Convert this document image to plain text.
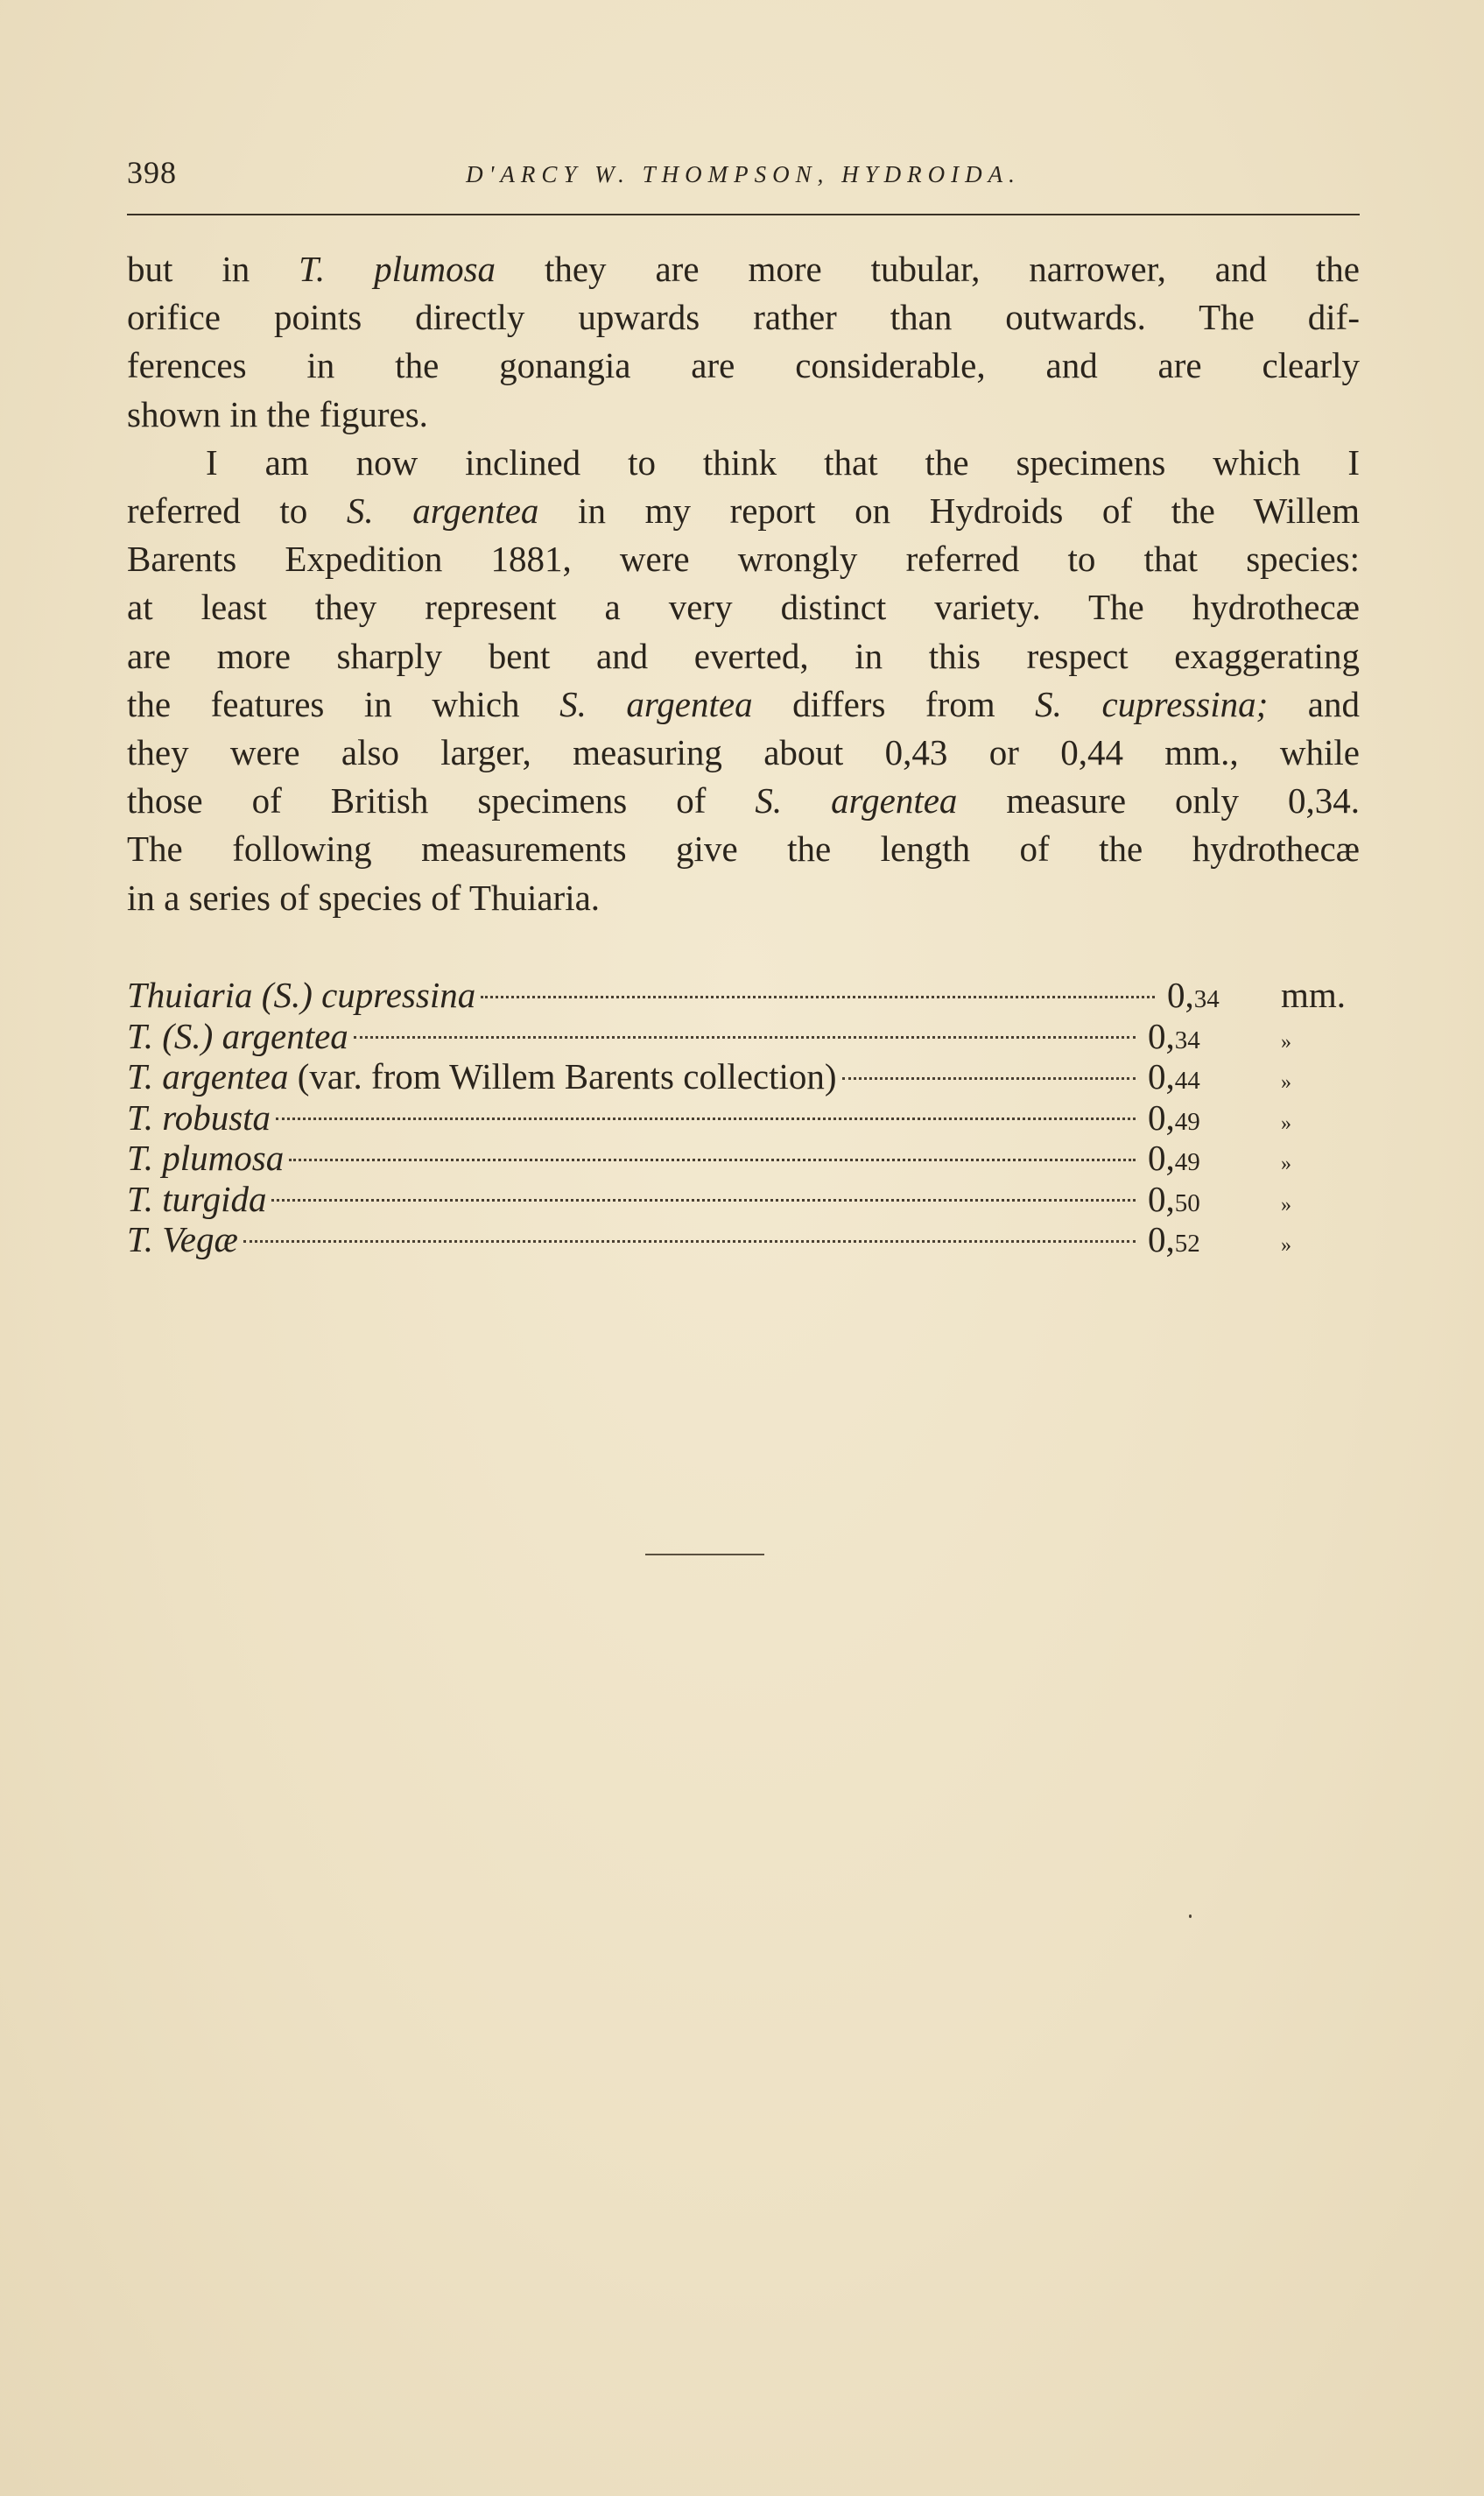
398	D'ARCY W. THOMPSON, HYDROIDA.

but in T. plumosa they are more tubular, narrower, and the
orifice points directly upwards rather than outwards. The dif-
ferences in the gonangia are considerable, and are clearly
shown in the figures.

I am now inclined to think that the specimens which I
referred to S. argentea in my report on Hydroids of the Willem
Barents Expedition 1881, were wrongly referred to that species:
at least they represent a very distinct variety. The hydrothecæ
are more sharply bent and everted, in this respect exaggerating
the features in which S. argentea differs from S. cupressina; and
they were also larger, measuring about 0,43 or 0,44 mm., while
those of British specimens of S. argentea measure only 0,34.
The following measurements give the length of the hydrothecæ
in a series of species of Thuiaria.

Thuiaria (S.) cupressina	0,34	mm.
T. (S.) argentea	0,34	»
T. argentea (var. from Willem Barents collection)	0,44	»
T. robusta	0,49	»
T. plumosa	0,49	»
T. turgida	0,50	»
T. Vegæ	0,52	»
